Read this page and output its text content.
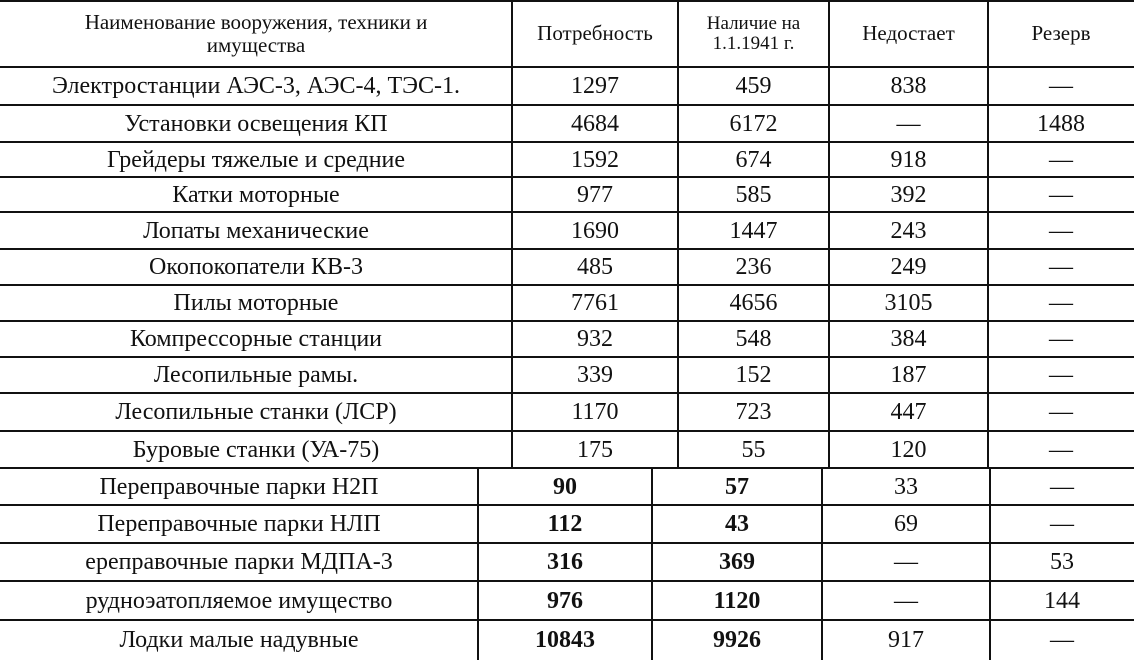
Наименование вооружения, техники и имущества	Потребность	Наличие на 1.1.1941 г.	Недостает	Резерв
Электростанции АЭС-3, АЭС-4, ТЭС-1.	1297	459	838	—
Установки освещения КП	4684	6172	—	1488
Грейдеры тяжелые и средние	1592	674	918	—
Катки моторные	977	585	392	—
Лопаты механические	1690	1447	243	—
Окопокопатели КВ-3	485	236	249	—
Пилы моторные	7761	4656	3105	—
Компрессорные станции	932	548	384	—
Лесопильные рамы.	339	152	187	—
Лесопильные станки (ЛСР)	1170	723	447	—
Буровые станки (УА-75)	175	55	120	—
Переправочные парки Н2П	90	57	33	—
Переправочные парки НЛП	112	43	69	—
ереправочные парки МДПА-3	316	369	—	53
рудноэатопляемое имущество	976	1120	—	144
Лодки малые надувные	10843	9926	917	—
